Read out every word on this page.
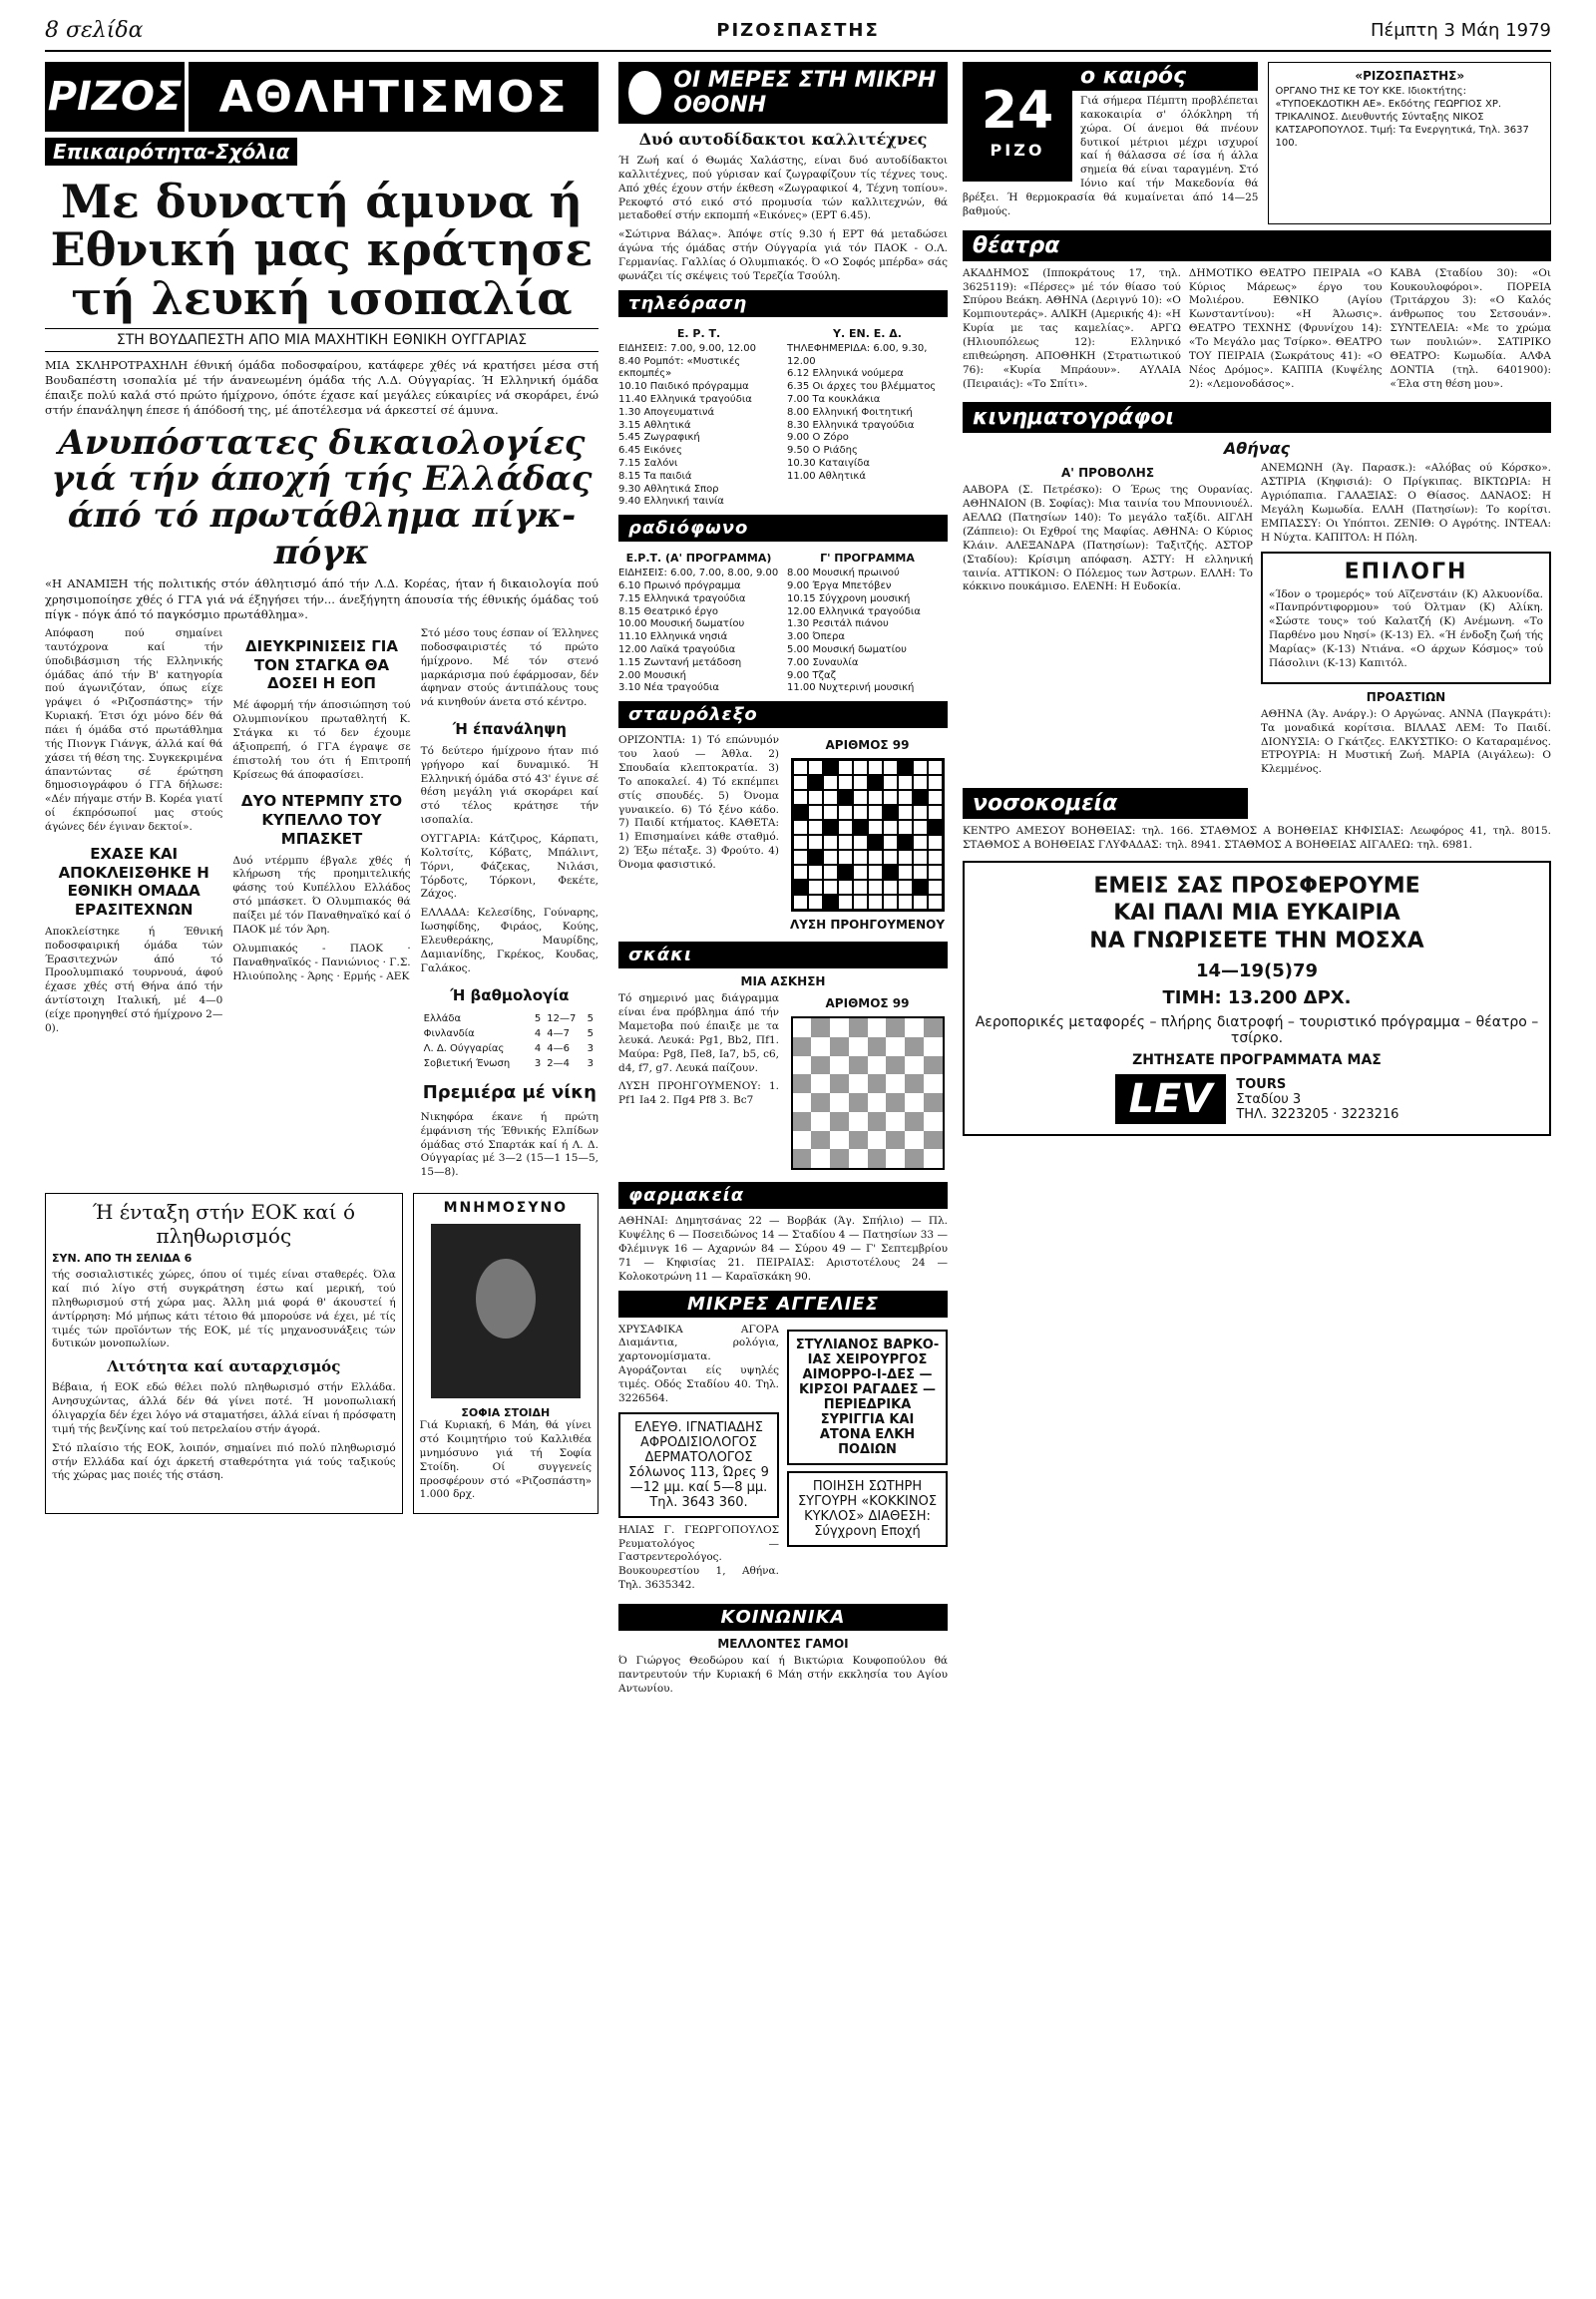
8 σελίδα	ΡΙΖΟΣΠΑΣΤΗΣ	Πέμπτη 3 Μάη 1979
ΡΙΖΟΣ ΑΘΛΗΤΙΣΜΟΣ
Επικαιρότητα-Σχόλια
Με δυνατή άμυνα ή Εθνική μας κράτησε τή λευκή ισοπαλία
ΣΤΗ ΒΟΥΔΑΠΕΣΤΗ ΑΠΟ ΜΙΑ ΜΑΧΗΤΙΚΗ ΕΘΝΙΚΗ ΟΥΓΓΑΡΙΑΣ

ΜΙΑ ΣΚΛΗΡΟΤΡΑΧΗΛΗ έθνική όμάδα ποδοσφαίρου, κατάφερε χθές νά κρατήσει μέσα στή Βουδαπέστη ισοπαλία μέ τήν άνανεωμένη όμάδα τής Λ.Δ. Ούγγαρίας. Ή Ελληνική όμάδα έπαιξε πολύ καλά στό πρώτο ήμίχρονο, όπότε έχασε καί μεγάλες εύκαιρίες νά σκοράρει, ένώ στήν έπανάληψη έπεσε ή άπόδοσή της, μέ άποτέλεσμα νά άρκεστεί σέ άμυνα.

Ανυπόστατες δικαιολογίες γιά τήν άποχή τής Ελλάδας άπό τό πρωτάθλημα πίγκ-πόγκ

«Η ΑΝΑΜΙΞΗ τής πολιτικής στόν άθλητισμό άπό τήν Λ.Δ. Κορέας, ήταν ή δικαιολογία πού χρησιμοποίησε χθές ό ΓΓΑ γιά νά έξηγήσει τήν... άνεξήγητη άπουσία τής έθνικής όμάδας τού πίγκ - πόγκ άπό τό παγκόσμιο πρωτάθλημα».

Απόφαση πού σημαίνει ταυτόχρονα καί τήν ύποδιβάσμιση τής Ελληνικής όμάδας άπό τήν Β' κατηγορία πού άγωνιζόταν, όπως είχε γράψει ό «Ριζοσπάστης» τήν Κυριακή. Έτσι όχι μόνο δέν θά πάει ή όμάδα στό πρωτάθλημα τής Πιονγκ Γιάνγκ, άλλά καί θά χάσει τή θέση της. Συγκεκριμένα άπαντώντας σέ έρώτηση δημοσιογράφου ό ΓΓΑ δήλωσε: «Δέν πήγαμε στήν Β. Κορέα γιατί οί έκπρόσωποί μας στούς άγώνες δέν έγιναν δεκτοί».

ΕΧΑΣΕ ΚΑΙ ΑΠΟΚΛΕΙΣΘΗΚΕ Η ΕΘΝΙΚΗ ΟΜΑΔΑ ΕΡΑΣΙΤΕΧΝΩΝ

Αποκλείστηκε ή Έθνική ποδοσφαιρική όμάδα τών Έρασιτεχνών άπό τό Προολυμπιακό τουρνουά, άφού έχασε χθές στή Θήνα άπό τήν άντίστοιχη Ιταλική, μέ 4—0 (είχε προηγηθεί στό ήμίχρονο 2—0).

ΔΙΕΥΚΡΙΝΙΣΕΙΣ ΓΙΑ ΤΟΝ ΣΤΑΓΚΑ ΘΑ ΔΟΣΕΙ Η ΕΟΠ

Μέ άφορμή τήν άποσιώπηση τού Ολυμπιονίκου πρωταθλητή Κ. Στάγκα κι τό δεν έχουμε άξιοπρεπή, ό ΓΓΑ έγραψε σε έπιστολή του ότι ή Επιτροπή Κρίσεως θά άποφασίσει.

ΔΥΟ ΝΤΕΡΜΠΥ ΣΤΟ ΚΥΠΕΛΛΟ ΤΟΥ ΜΠΑΣΚΕΤ

Δυό ντέρμπυ έβγαλε χθές ή κλήρωση τής προημιτελικής φάσης τού Κυπέλλου Ελλάδος στό μπάσκετ. Ό Ολυμπιακός θά παίξει μέ τόν Παναθηναϊκό καί ό ΠΑΟΚ μέ τόν Άρη.

Ολυμπιακός - ΠΑΟΚ · Παναθηναϊκός - Πανιώνιος · Γ.Σ. Ηλιούπολης - Άρης · Ερμής - ΑΕΚ

Στό μέσο τους έσπαν οί Έλληνες ποδοσφαιριστές τό πρώτο ήμίχρονο. Μέ τόν στενό μαρκάρισμα πού έφάρμοσαν, δέν άφηναν στούς άντιπάλους τους νά κινηθούν άνετα στό κέντρο.

Ή έπανάληψη

Τό δεύτερο ήμίχρονο ήταν πιό γρήγορο καί δυναμικό. Ή Ελληνική όμάδα στό 43' έγινε σέ θέση μεγάλη γιά σκοράρει καί στό τέλος κράτησε τήν ισοπαλία.

ΟΥΓΓΑΡΙΑ: Κάτζιρος, Κάρπατι, Κολτσίτς, Κόβατς, Μπάλιντ, Τόρνι, Φάζεκας, Νιλάσι, Τόρδοτς, Τόρκονι, Φεκέτε, Ζάχος.

ΕΛΛΑΔΑ: Κελεσίδης, Γούναρης, Ιωσηφίδης, Φιράος, Κούης, Ελευθεράκης, Μαυρίδης, Δαμιανίδης, Γκρέκος, Κουδας, Γαλάκος.

Ή βαθμολογία
Ελλάδα	5	12—7	5
Φινλανδία	4	4—7	5
Λ. Δ. Ούγγαρίας	4	4—6	3
Σοβιετική Ένωση	3	2—4	3
Πρεμιέρα μέ νίκη

Νικηφόρα έκανε ή πρώτη έμφάνιση τής Έθνικής Ελπίδων όμάδας στό Σπαρτάκ καί ή Λ. Δ. Ούγγαρίας μέ 3—2 (15—1 15—5, 15—8).

Ή ένταξη στήν ΕΟΚ καί ό πληθωρισμός
ΣΥΝ. ΑΠΟ ΤΗ ΣΕΛΙΔΑ 6

τής σοσιαλιστικές χώρες, όπου οί τιμές είναι σταθερές. Όλα καί πιό λίγο στή συγκράτηση έστω καί μερική, τού πληθωρισμού στή χώρα μας. Άλλη μιά φορά θ' άκουστεί ή άντίρρηση: Μό μήπως κάτι τέτοιο θά μπορούσε νά έχει, μέ τίς τιμές τών προϊόντων τής ΕΟΚ, μέ τίς μηχανοσυνάξεις τών δυτικών μονοπωλίων.

Λιτότητα καί αυταρχισμός

Βέβαια, ή ΕΟΚ εδώ θέλει πολύ πληθωρισμό στήν Ελλάδα. Ανησυχώντας, άλλά δέν θά γίνει ποτέ. Ή μονοπωλιακή όλιγαρχία δέν έχει λόγο νά σταματήσει, άλλά είναι ή πρόσφατη τιμή τής βενζίνης καί τού πετρελαίου στήν άγορά.

Στό πλαίσιο τής ΕΟΚ, λοιπόν, σημαίνει πιό πολύ πληθωρισμό στήν Ελλάδα καί όχι άρκετή σταθερότητα γιά τούς ταξικούς τής χώρας μας ποιές τής στάση.

ΜΝΗΜΟΣΥΝΟ
ΣΟΦΙΑ ΣΤΟΙΔΗ

Γιά Κυριακή, 6 Μάη, θά γίνει στό Κοιμητήριο τού Καλλιθέα μνημόσυνο γιά τή Σοφία Στοίδη. Οί συγγενείς προσφέρουν στό «Ριζοσπάστη» 1.000 δρχ.

ΟΙ ΜΕΡΕΣ ΣΤΗ ΜΙΚΡΗ ΟΘΟΝΗ
Δυό αυτοδίδακτοι καλλιτέχνες

Ή Ζωή καί ό Θωμάς Χαλάστης, είναι δυό αυτοδίδακτοι καλλιτέχνες, πού γύρισαν καί ζωγραφίζουν τίς τέχνες τους. Από χθές έχουν στήν έκθεση «Ζωγραφικοί 4, Τέχνη τοπίου». Ρεκοφτό στό εικό στό προμυσία τών καλλιτεχνών, θά μεταδοθεί στήν εκπομπή «Εικόνες» (ΕΡΤ 6.45).

«Σώτιρνα Βάλας». Άπόψε στίς 9.30 ή ΕΡΤ θά μεταδώσει άγώνα τής όμάδας στήν Ούγγαρία γιά τόν ΠΑΟΚ - Ο.Λ. Γερμανίας. Γαλλίας ό Ολυμπιακός. Ό «Ο Σοφός μπέρδα» σάς φωνάζει τίς σκέψεις τού Τερεζία Τσούλη.

τηλεόραση
Ε. Ρ. Τ.
ΕΙΔΗΣΕΙΣ: 7.00, 9.00, 12.00
8.40 Ρομπότ: «Μυστικές εκπομπές»
10.10 Παιδικό πρόγραμμα
11.40 Ελληνικά τραγούδια
1.30 Απογευματινά
3.15 Αθλητικά
5.45 Ζωγραφική
6.45 Εικόνες
7.15 Σαλόνι
8.15 Τα παιδιά
9.30 Αθλητικά Σπορ
9.40 Ελληνική ταινία
Υ. ΕΝ. Ε. Δ.
ΤΗΛΕΦΗΜΕΡΙΔΑ: 6.00, 9.30, 12.00
6.12 Ελληνικά νούμερα
6.35 Οι άρχες του βλέμματος
7.00 Τα κουκλάκια
8.00 Ελληνική Φοιτητική
8.30 Ελληνικά τραγούδια
9.00 Ο Ζόρο
9.50 Ο Ριάδης
10.30 Καταιγίδα
11.00 Αθλητικά
ραδιόφωνο
Ε.Ρ.Τ. (Α' ΠΡΟΓΡΑΜΜΑ)
ΕΙΔΗΣΕΙΣ: 6.00, 7.00, 8.00, 9.00
6.10 Πρωινό πρόγραμμα
7.15 Ελληνικά τραγούδια
8.15 Θεατρικό έργο
10.00 Μουσική δωματίου
11.10 Ελληνικά νησιά
12.00 Λαϊκά τραγούδια
1.15 Ζωντανή μετάδοση
2.00 Μουσική
3.10 Νέα τραγούδια
Γ' ΠΡΟΓΡΑΜΜΑ
8.00 Μουσική πρωινού
9.00 Έργα Μπετόβεν
10.15 Σύγχρονη μουσική
12.00 Ελληνικά τραγούδια
1.30 Ρεσιτάλ πιάνου
3.00 Όπερα
5.00 Μουσική δωματίου
7.00 Συναυλία
9.00 Τζαζ
11.00 Νυχτερινή μουσική
σταυρόλεξο

ΟΡΙΖΟΝΤΙΑ: 1) Τό επώνυμόν του λαού — Άθλα. 2) Σπουδαία κλεπτοκρατία. 3) Το αποκαλεί. 4) Τό εκπέμπει στίς σπουδές. 5) Όνομα γυναικείο. 6) Τό ξένο κάδο. 7) Παιδί κτήματος. ΚΑΘΕΤΑ: 1) Επισημαίνει κάθε σταθμό. 2) Έξω πέταξε. 3) Φρούτο. 4) Όνομα φασιστικό.

ΑΡΙΘΜΟΣ 99
ΛΥΣΗ ΠΡΟΗΓΟΥΜΕΝΟΥ
σκάκι
ΜΙΑ ΑΣΚΗΣΗ

Τό σημερινό μας διάγραμμα είναι ένα πρόβλημα άπό τήν Μαμετοβα πού έπαιξε με τα λευκά. Λευκά: Ρg1, Βb2, Πf1. Μαύρα: Ρg8, Πe8, Ia7, b5, c6, d4, f7, g7. Λευκά παίζουν.

ΛΥΣΗ ΠΡΟΗΓΟΥΜΕΝΟΥ: 1. Ρf1 Ia4 2. Πg4 Ρf8 3. Bc7

ΑΡΙΘΜΟΣ 99
φαρμακεία

ΑΘΗΝΑΙ: Δημητσάνας 22 — Βορβάκ (Άγ. Σπήλιο) — Πλ. Κυψέλης 6 — Ποσειδώνος 14 — Σταδίου 4 — Πατησίων 33 — Φλέμινγκ 16 — Αχαρνών 84 — Σύρου 49 — Γ' Σεπτεμβρίου 71 — Κηφισίας 21. ΠΕΙΡΑΙΑΣ: Αριστοτέλους 24 — Κολοκοτρώνη 11 — Καραϊσκάκη 90.

ΜΙΚΡΕΣ ΑΓΓΕΛΙΕΣ

ΧΡΥΣΑΦΙΚΑ ΑΓΟΡΑ Διαμάντια, ρολόγια, χαρτονομίσματα. Αγοράζονται είς υψηλές τιμές. Οδός Σταδίου 40. Τηλ. 3226564.

ΕΛΕΥΘ. ΙΓΝΑΤΙΑΔΗΣ ΑΦΡΟΔΙΣΙΟΛΟΓΟΣ ΔΕΡΜΑΤΟΛΟΓΟΣ Σόλωνος 113, Ώρες 9—12 μμ. καί 5—8 μμ. Τηλ. 3643 360.

ΗΛΙΑΣ Γ. ΓΕΩΡΓΟΠΟΥΛΟΣ Ρευματολόγος — Γαστρεντερολόγος. Βουκουρεστίου 1, Αθήνα. Τηλ. 3635342.

ΣΤΥΛΙΑΝΟΣ ΒΑΡΚΟ-ΙΑΣ ΧΕΙΡΟΥΡΓΟΣ ΑΙΜΟΡΡΟ-Ι-ΔΕΣ — ΚΙΡΣΟΙ ΡΑΓΑΔΕΣ — ΠΕΡΙΕΔΡΙΚΑ ΣΥΡΙΓΓΙΑ ΚΑΙ ΑΤΟΝΑ ΕΛΚΗ ΠΟΔΙΩΝ
ΠΟΙΗΣΗ ΣΩΤΗΡΗ ΣΥΓΟΥΡΗ «ΚΟΚΚΙΝΟΣ ΚΥΚΛΟΣ» ΔΙΑΘΕΣΗ: Σύγχρονη Εποχή
ΚΟΙΝΩΝΙΚΑ
ΜΕΛΛΟΝΤΕΣ ΓΑΜΟΙ

Ό Γιώργος Θεοδώρου καί ή Βικτώρια Κουφοπούλου θά παντρευτούν τήν Κυριακή 6 Μάη στήν εκκλησία του Αγίου Αντωνίου.

24
ΡΙΖΟ
ο καιρός

Γιά σήμερα Πέμπτη προβλέπεται κακοκαιρία σ' όλόκληρη τή χώρα. Οί άνεμοι θά πνέουν δυτικοί μέτριοι μέχρι ισχυροί καί ή θάλασσα σέ ίσα ή άλλα σημεία θά είναι ταραγμένη. Στό Ιόνιο καί τήν Μακεδονία θά βρέξει. Ή θερμοκρασία θά κυμαίνεται άπό 14—25 βαθμούς.

«ΡΙΖΟΣΠΑΣΤΗΣ»
ΟΡΓΑΝΟ ΤΗΣ ΚΕ ΤΟΥ ΚΚΕ. Ιδιοκτήτης: «ΤΥΠΟΕΚΔΟΤΙΚΗ ΑΕ». Εκδότης ΓΕΩΡΓΙΟΣ ΧΡ. ΤΡΙΚΑΛΙΝΟΣ. Διευθυντής Σύνταξης ΝΙΚΟΣ ΚΑΤΣΑΡΟΠΟΥΛΟΣ. Τιμή: Τα Ενεργητικά, Τηλ. 3637 100.
θέατρα

ΑΚΑΔΗΜΟΣ (Ιπποκράτους 17, τηλ. 3625119): «Πέρσες» μέ τόν θίασο τού Σπύρου Βεάκη. ΑΘΗΝΑ (Δεριγνύ 10): «Ο Κομπιουτεράς». ΑΛΙΚΗ (Αμερικής 4): «Η Κυρία με τας καμελίας». ΑΡΓΩ (Ηλιουπόλεως 12): Ελληνικό επιθεώρηση. ΑΠΟΘΗΚΗ (Στρατιωτικού 76): «Κυρία Μπράουν». ΑΥΛΑΙΑ (Πειραιάς): «Το Σπίτι».

ΔΗΜΟΤΙΚΟ ΘΕΑΤΡΟ ΠΕΙΡΑΙΑ «Ο Κύριος Μάρεως» έργο του Μολιέρου. ΕΘΝΙΚΟ (Αγίου Κωνσταντίνου): «Η Άλωσις». ΘΕΑΤΡΟ ΤΕΧΝΗΣ (Φρυνίχου 14): «Το Μεγάλο μας Τσίρκο». ΘΕΑΤΡΟ ΤΟΥ ΠΕΙΡΑΙΑ (Σωκράτους 41): «Ο Νέος Δρόμος». ΚΑΠΠΑ (Κυψέλης 2): «Λεμονοδάσος».

ΚΑΒΑ (Σταδίου 30): «Οι Κουκουλοφόροι». ΠΟΡΕΙΑ (Τριτάρχου 3): «Ο Καλός άνθρωπος του Σετσουάν». ΣΥΝΤΕΛΕΙΑ: «Με το χρώμα των πουλιών». ΣΑΤΙΡΙΚΟ ΘΕΑΤΡΟ: Κωμωδία. ΑΛΦΑ ΔΟΝΤΙΑ (τηλ. 6401900): «Έλα στη θέση μου».

κινηματογράφοι
Αθήνας
Α' ΠΡΟΒΟΛΗΣ

ΑΑΒΟΡΑ (Σ. Πετρέσκο): Ο Έρως της Ουρανίας. ΑΘΗΝΑΙΟΝ (Β. Σοφίας): Μια ταινία του Μπουνιουέλ. ΑΕΛΛΩ (Πατησίων 140): Το μεγάλο ταξίδι. ΑΙΓΛΗ (Ζάππειο): Οι Εχθροί της Μαφίας. ΑΘΗΝΑ: Ο Κύριος Κλάιν. ΑΛΕΞΑΝΔΡΑ (Πατησίων): Ταξιτζής. ΑΣΤΟΡ (Σταδίου): Κρίσιμη απόφαση. ΑΣΤΥ: Η ελληνική ταινία. ΑΤΤΙΚΟΝ: Ο Πόλεμος των Άστρων. ΕΛΛΗ: Το κόκκινο πουκάμισο. ΕΛΕΝΗ: Η Ευδοκία.

ΑΝΕΜΩΝΗ (Άγ. Παρασκ.): «Αλόβας ού Κόρσκο». ΑΣΤΙΡΙΑ (Κηφισιά): Ο Πρίγκιπας. ΒΙΚΤΩΡΙΑ: Η Αγριόπαπια. ΓΑΛΑΞΙΑΣ: Ο Θίασος. ΔΑΝΑΟΣ: Η Μεγάλη Κωμωδία. ΕΛΛΗ (Πατησίων): Το κορίτσι. ΕΜΠΑΣΣΥ: Οι Υπόπτοι. ΖΕΝΙΘ: Ο Αγρότης. ΙΝΤΕΑΛ: Η Νύχτα. ΚΑΠΙΤΟΛ: Η Πόλη.

ΕΠΙΛΟΓΗ

«Ίδον ο τρομερός» τού Αϊζενστάιν (Κ) Αλκυονίδα. «Πανπρόντιφορμου» τού Όλτμαν (Κ) Αλίκη. «Σώστε τους» τού Καλατζή (Κ) Ανέμωνη. «Το Παρθένο μου Νησί» (Κ-13) Ελ. «Ή ένδοξη ζωή τής Μαρίας» (Κ-13) Ντιάνα. «Ο άρχων Κόσμος» τού Πάσολινι (Κ-13) Καπιτόλ.

ΠΡΟΑΣΤΙΩΝ

ΑΘΗΝΑ (Άγ. Ανάργ.): Ο Αργώνας. ΑΝΝΑ (Παγκράτι): Τα μοναδικά κορίτσια. ΒΙΛΛΑΣ ΛΕΜ: Το Παιδί. ΔΙΟΝΥΣΙΑ: Ο Γκάτζες. ΕΛΚΥΣΤΙΚΟ: Ο Καταραμένος. ΕΤΡΟΥΡΙΑ: Η Μυστική Ζωή. ΜΑΡΙΑ (Αιγάλεω): Ο Κλεμμένος.

νοσοκομεία

ΚΕΝΤΡΟ ΑΜΕΣΟΥ ΒΟΗΘΕΙΑΣ: τηλ. 166. ΣΤΑΘΜΟΣ Α ΒΟΗΘΕΙΑΣ ΚΗΦΙΣΙΑΣ: Λεωφόρος 41, τηλ. 8015. ΣΤΑΘΜΟΣ Α ΒΟΗΘΕΙΑΣ ΓΛΥΦΑΔΑΣ: τηλ. 8941. ΣΤΑΘΜΟΣ Α ΒΟΗΘΕΙΑΣ ΑΙΓΑΛΕΩ: τηλ. 6981.

ΕΜΕΙΣ ΣΑΣ ΠΡΟΣΦΕΡΟΥΜΕ
ΚΑΙ ΠΑΛΙ ΜΙΑ ΕΥΚΑΙΡΙΑ
ΝΑ ΓΝΩΡΙΣΕΤΕ ΤΗΝ ΜΟΣΧΑ
14—19(5)79
ΤΙΜΗ: 13.200 ΔΡΧ.
Αεροπορικές μεταφορές – πλήρης διατροφή – τουριστικό πρόγραμμα – θέατρο – τσίρκο.
ΖΗΤΗΣΑΤΕ ΠΡΟΓΡΑΜΜΑΤΑ ΜΑΣ
LEV	TOURS
Σταδίου 3
ΤΗΛ. 3223205 · 3223216
